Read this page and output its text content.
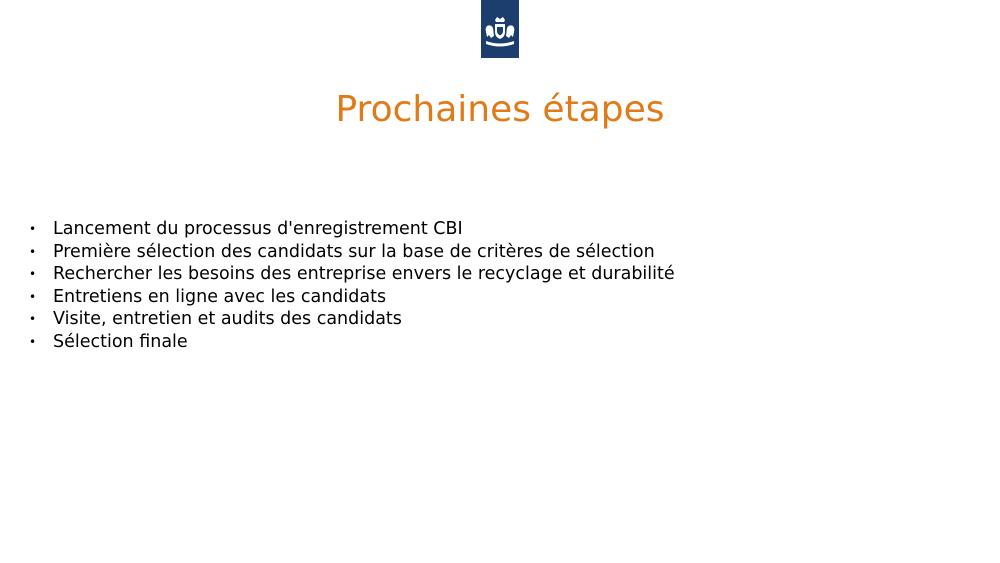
Prochaines étapes
• Lancement du processus d'enregistrement CBI
• Première sélection des candidats sur la base de critères de sélection
• Rechercher les besoins des entreprise envers le recyclage et durabilité
• Entretiens en ligne avec les candidats
• Visite, entretien et audits des candidats
• Sélection finale
